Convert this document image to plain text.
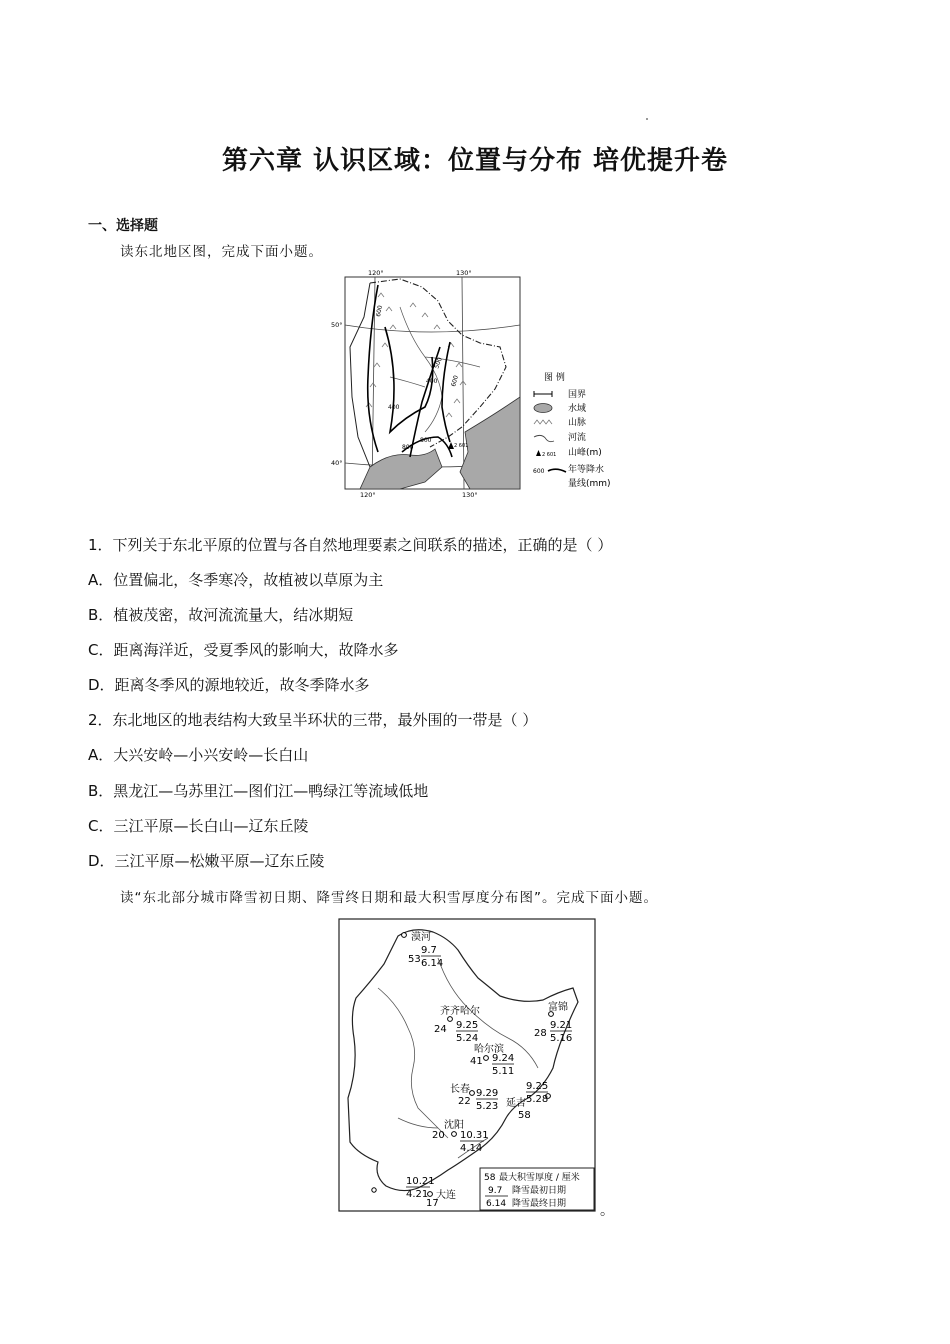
第六章 认识区域：位置与分布 培优提升卷
一、选择题
读东北地区图，完成下面小题。
2 601
600
400
400
500
600
800
800
120°	130°
120°	130°
50°
40°
图 例
国界
水域
山脉
河流
2 601 山峰(m)
600	年等降水
量线(mm)
1．下列关于东北平原的位置与各自然地理要素之间联系的描述，正确的是（ ）
A．位置偏北，冬季寒冷，故植被以草原为主
B．植被茂密，故河流流量大，结冰期短
C．距离海洋近，受夏季风的影响大，故降水多
D．距离冬季风的源地较近，故冬季降水多
2．东北地区的地表结构大致呈半环状的三带，最外围的一带是（ ）
A．大兴安岭—小兴安岭—长白山
B．黑龙江—乌苏里江—图们江—鸭绿江等流域低地
C．三江平原—长白山—辽东丘陵
D．三江平原—松嫩平原—辽东丘陵
读“东北部分城市降雪初日期、降雪终日期和最大积雪厚度分布图”。完成下面小题。
漠河
53
9.7
6.14
齐齐哈尔
24 9.25
5.24
富锦
28
9.21
5.16
哈尔滨
41 9.24
5.11
长春
22
9.29
5.23 延吉
58
9.25
5.28
沈阳
20 10.31
4.14
大连
17
10.21
4.21
58 最大积雪厚度 / 厘米
9.7 降雪最初日期
6.14 降雪最终日期 。
